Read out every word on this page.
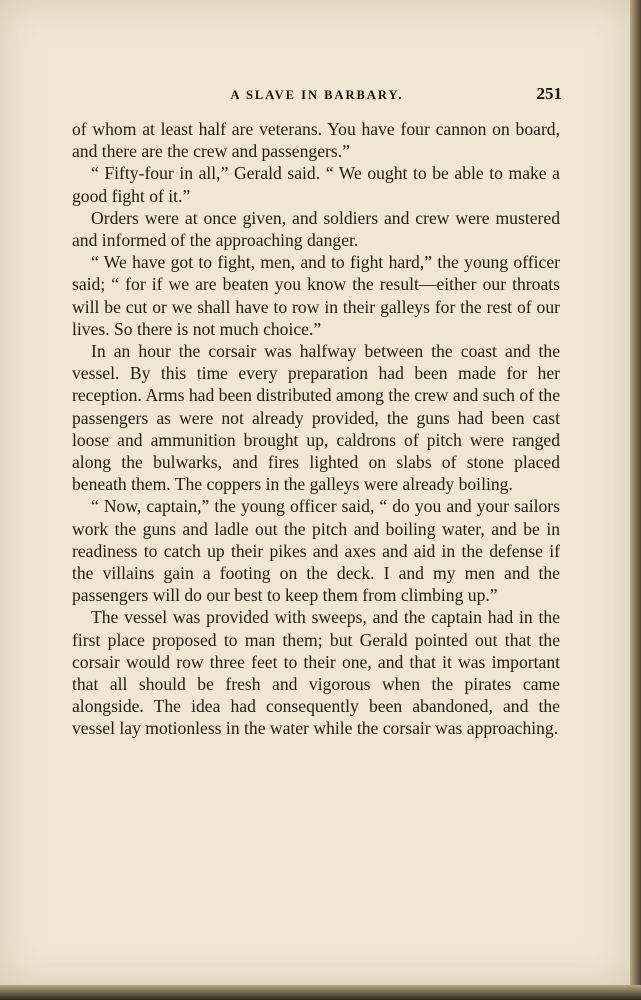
A SLAVE IN BARBARY.	251

of whom at least half are veterans. You have four cannon on board, and there are the crew and passengers.”

“ Fifty-four in all,” Gerald said. “ We ought to be able to make a good fight of it.”

Orders were at once given, and soldiers and crew were mustered and informed of the approaching danger.

“ We have got to fight, men, and to fight hard,” the young officer said; “ for if we are beaten you know the result—either our throats will be cut or we shall have to row in their galleys for the rest of our lives. So there is not much choice.”

In an hour the corsair was halfway between the coast and the vessel. By this time every preparation had been made for her reception. Arms had been distributed among the crew and such of the passengers as were not already provided, the guns had been cast loose and ammunition brought up, caldrons of pitch were ranged along the bulwarks, and fires lighted on slabs of stone placed beneath them. The coppers in the galleys were already boiling.

“ Now, captain,” the young officer said, “ do you and your sailors work the guns and ladle out the pitch and boiling water, and be in readiness to catch up their pikes and axes and aid in the defense if the villains gain a footing on the deck. I and my men and the passengers will do our best to keep them from climbing up.”

The vessel was provided with sweeps, and the captain had in the first place proposed to man them; but Gerald pointed out that the corsair would row three feet to their one, and that it was important that all should be fresh and vigorous when the pirates came alongside. The idea had consequently been abandoned, and the vessel lay motionless in the water while the corsair was approaching.
